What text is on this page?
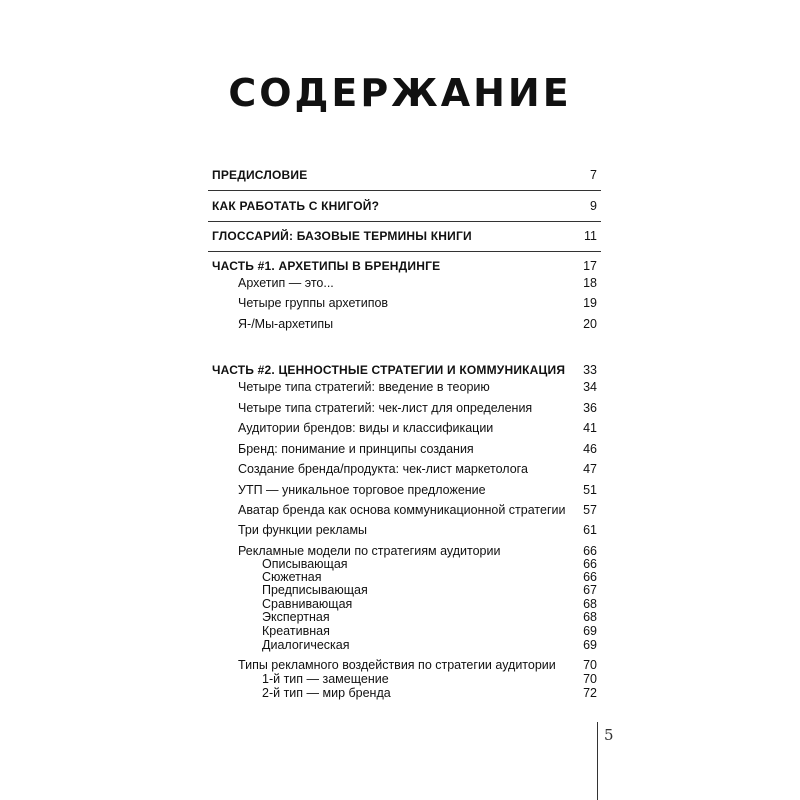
СОДЕРЖАНИЕ
ПРЕДИСЛОВИЕ	7
КАК РАБОТАТЬ С КНИГОЙ?	9
ГЛОССАРИЙ: БАЗОВЫЕ ТЕРМИНЫ КНИГИ	11
ЧАСТЬ #1. АРХЕТИПЫ В БРЕНДИНГЕ	17
Архетип — это...	18
Четыре группы архетипов	19
Я-/Мы-архетипы	20
ЧАСТЬ #2. ЦЕННОСТНЫЕ СТРАТЕГИИ И КОММУНИКАЦИЯ 33
Четыре типа стратегий: введение в теорию	34
Четыре типа стратегий: чек-лист для определения	36
Аудитории брендов: виды и классификации	41
Бренд: понимание и принципы создания	46
Создание бренда/продукта: чек-лист маркетолога	47
УТП — уникальное торговое предложение	51
Аватар бренда как основа коммуникационной стратегии 57
Три функции рекламы	61
Рекламные модели по стратегиям аудитории	66
Описывающая	66
Сюжетная	66
Предписывающая	67
Сравнивающая	68
Экспертная	68
Креативная	69
Диалогическая	69
Типы рекламного воздействия по стратегии аудитории 70
1-й тип — замещение	70
2-й тип — мир бренда	72
5
